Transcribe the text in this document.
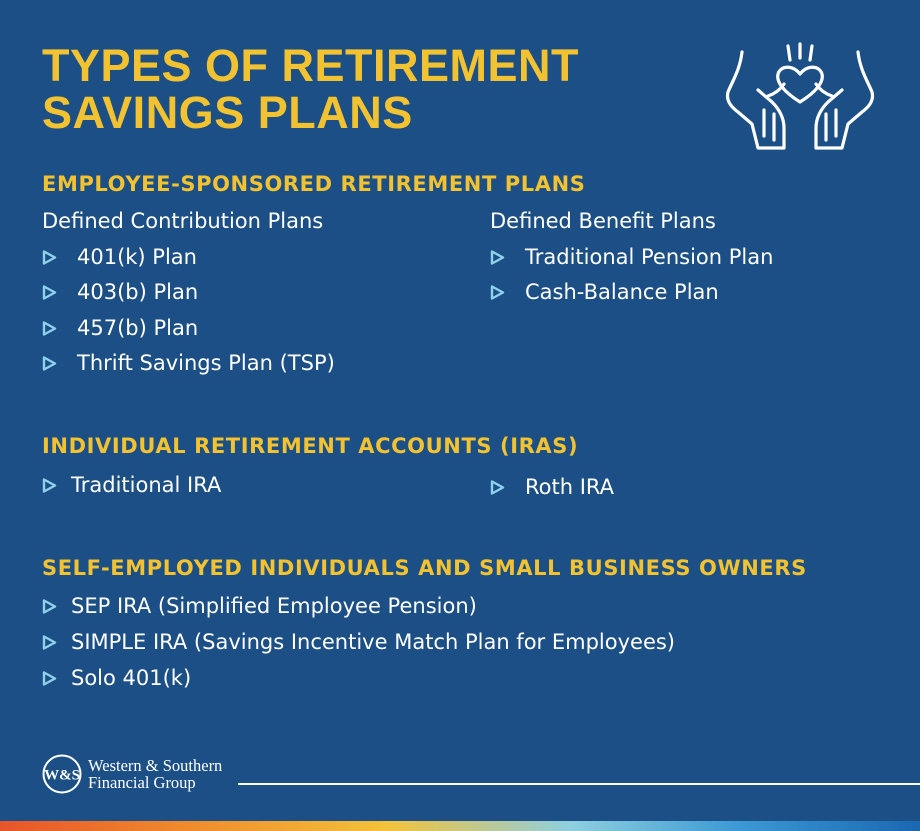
TYPES OF RETIREMENT
SAVINGS PLANS
EMPLOYEE-SPONSORED RETIREMENT PLANS
Defined Contribution Plans
401(k) Plan
403(b) Plan
457(b) Plan
Thrift Savings Plan (TSP)
Defined Benefit Plans
Traditional Pension Plan
Cash-Balance Plan
INDIVIDUAL RETIREMENT ACCOUNTS (IRAS)
Traditional IRA	Roth IRA
SELF-EMPLOYED INDIVIDUALS AND SMALL BUSINESS OWNERS
SEP IRA (Simplified Employee Pension)
SIMPLE IRA (Savings Incentive Match Plan for Employees)
Solo 401(k)
W&S
Western & Southern
Financial Group
